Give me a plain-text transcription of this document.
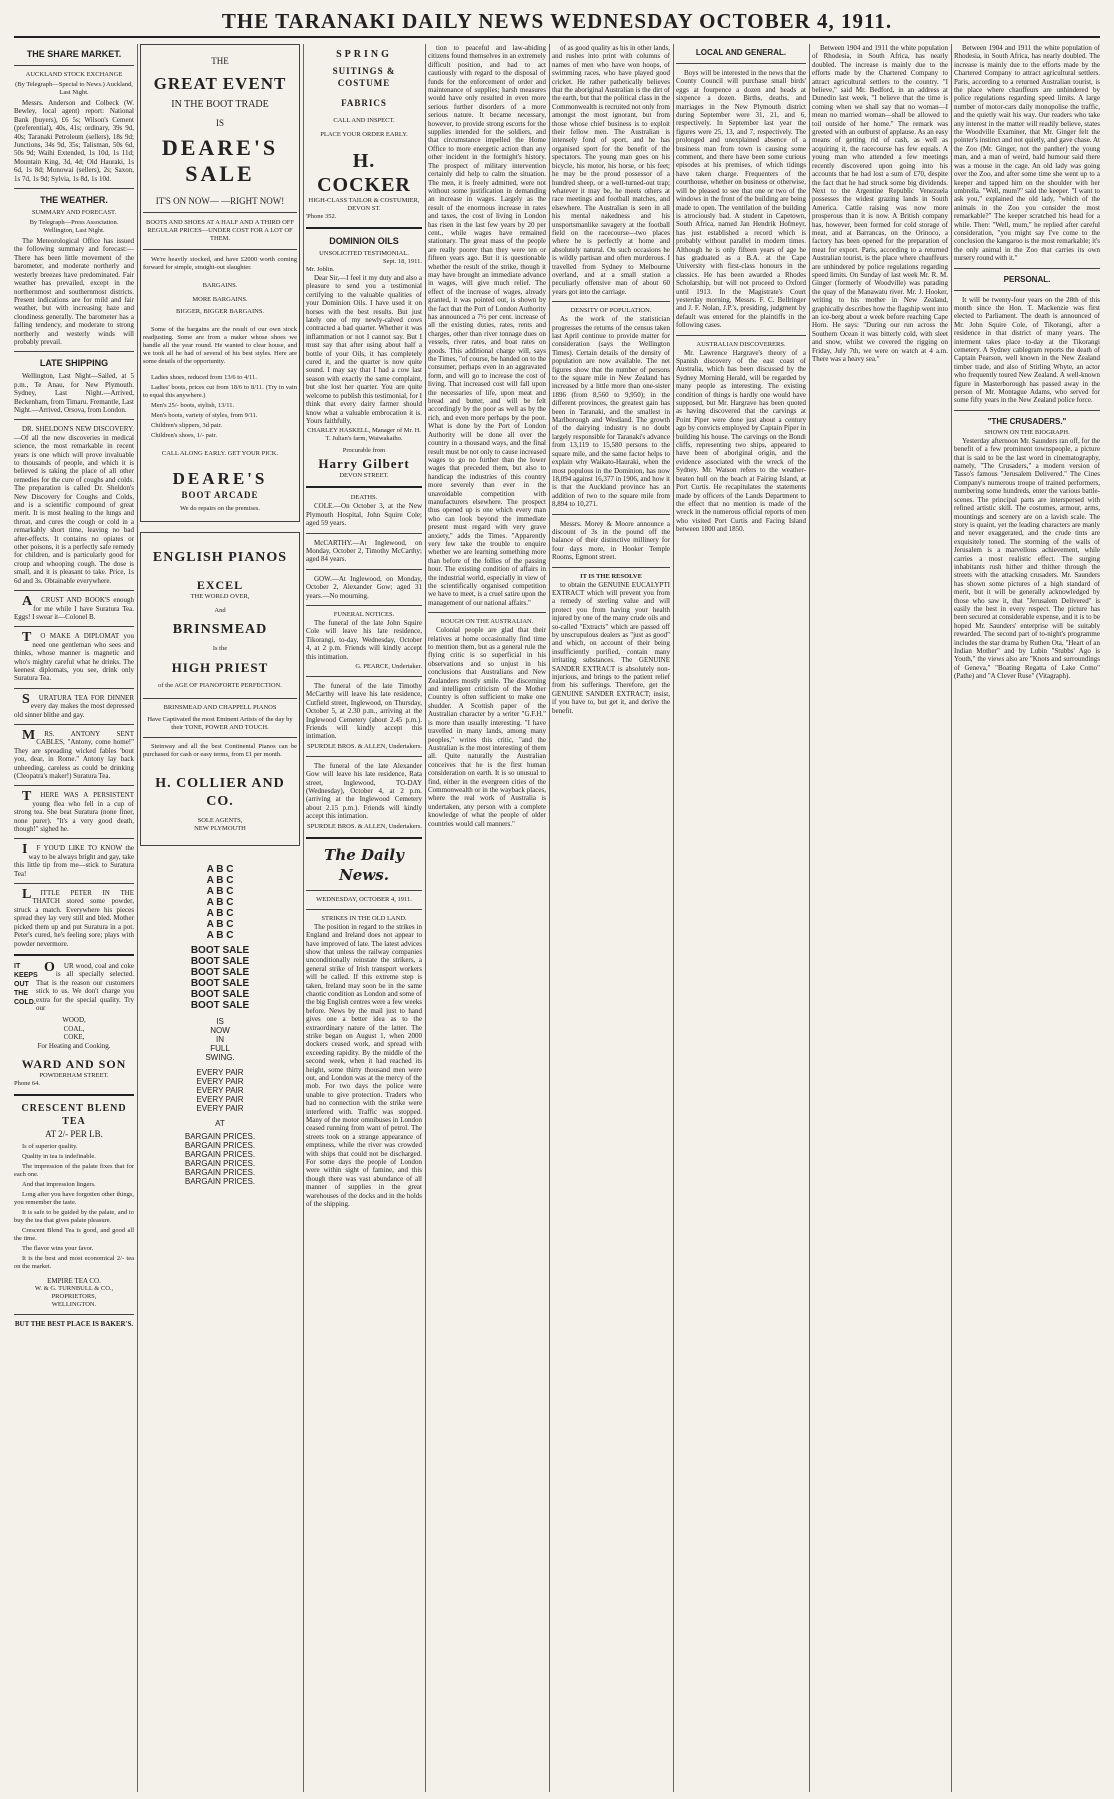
THE TARANAKI DAILY NEWS WEDNESDAY OCTOBER 4, 1911.
THE SHARE MARKET.
AUCKLAND STOCK EXCHANGE
(By Telegraph—Special to News.) Auckland, Last Night.
Messrs. Anderson and Colbeck (W. Bewley, local agent) report: National Bank (buyers), £6 5s; Wilson's Cement (preferential), 40s, 41s; ordinary, 39s 9d, 40s; Taranaki Petroleum (sellers), 18s 9d; Junctions, 34s 9d, 35s; Talisman, 50s 6d, 50s 9d; Waihi Extended, 1s 10d, 1s 11d; Mountain King, 3d, 4d; Old Hauraki, 1s 6d, 1s 8d; Monowai (sellers), 2s; Saxon, 1s 7d, 1s 9d; Sylvia, 1s 8d, 1s 10d.
THE WEATHER.
SUMMARY AND FORECAST.
By Telegraph—Press Association. Wellington, Last Night.
The Meteorological Office has issued the following summary and forecast:—There has been little movement of the barometer, and moderate northerly and westerly breezes have predominated. Fair weather has prevailed, except in the northernmost and southernmost districts. Present indications are for mild and fair weather, but with increasing haze and cloudiness generally. The barometer has a falling tendency, and moderate to strong northerly and westerly winds will probably prevail.
LATE SHIPPING
Wellington, Last Night—Sailed, at 5 p.m., Te Anau, for New Plymouth. Sydney, Last Night.—Arrived, Beckenham, from Timaru. Fremantle, Last Night.—Arrived, Orsova, from London.
DR. SHELDON'S NEW DISCOVERY.—Of all the new discoveries in medical science, the most remarkable in recent years is one which will prove invaluable to thousands of people, and which it is believed is taking the place of all other remedies for the cure of coughs and colds. The preparation is called Dr. Sheldon's New Discovery for Coughs and Colds, and is a scientific compound of great merit. It is most healing to the lungs and throat, and cures the cough or cold in a remarkably short time, leaving no bad after-effects. It contains no opiates or other poisons, it is a perfectly safe remedy for children, and is particularly good for croup and whooping cough. The dose is small, and it is pleasant to take. Price, 1s 6d and 3s. Obtainable everywhere.
ACRUST AND BOOK'S enough for me while I have Suratura Tea. Eggs! I swear it—Colonel B.
TO MAKE A DIPLOMAT you need one gentleman who sees and thinks, whose manner is magnetic and who's mighty careful what he drinks. The keenest diplomats, you see, drink only Suratura Tea.
SURATURA TEA FOR DINNER every day makes the most depressed old sinner blithe and gay.
MRS. ANTONY SENT CABLES, "Antony, come home!" They are spreading wicked fables 'bout you, dear, in Rome." Antony lay back unheeding, careless as could be drinking (Cleopatra's maker!) Suratura Tea.
THERE WAS A PERSISTENT young flea who fell in a cup of strong tea. She beat Suratura (none finer, none purer). "It's a very good death, though!" sighed he.
IF YOU'D LIKE TO KNOW the way to be always bright and gay, take this little tip from me—stick to Suratura Tea!
LITTLE PETER IN THE THATCH stored some powder, struck a match. Everywhere his pieces spread they lay very still and bled. Mother picked them up and put Suratura in a pot. Peter's cured, he's feeling sore; plays with powder nevermore.
IT
KEEPS
OUT
THE
COLD.
OUR wood, coal and coke is all specially selected. That is the reason our customers stick to us. We don't charge you extra for the special quality. Try our
WOOD,
COAL,
COKE,
For Heating and Cooking.
WARD AND SON
POWDERHAM STREET.
Phone 64.
CRESCENT BLEND TEA
AT 2/- PER LB.
Is of superior quality.
Quality in tea is indefinable.
The impression of the palate fixes that for each one.
And that impression lingers.
Long after you have forgotten other things, you remember the taste.
It is safe to be guided by the palate, and to buy the tea that gives palate pleasure.
Crescent Blend Tea is good, and good all the time.
The flavor wins your favor.
It is the best and most economical 2/- tea on the market.
EMPIRE TEA CO.
W. & G. TURNBULL & CO., PROPRIETORS,
WELLINGTON.
BUT THE BEST PLACE IS BAKER'S.
THE
GREAT EVENT
IN THE BOOT TRADE
IS
DEARE'S
SALE
IT'S ON NOW— —RIGHT NOW!
BOOTS AND SHOES AT A HALF AND A THIRD OFF REGULAR PRICES—UNDER COST FOR A LOT OF THEM.
We're heavily stocked, and have £2000 worth coming forward for simple, straight-out slaughter.
BARGAINS.
MORE BARGAINS.
BIGGER, BIGGER BARGAINS.
Some of the bargains are the result of our own stock readjusting. Some are from a maker whose shoes we handle all the year round. He wanted to clear house, and we took all he had of several of his best styles. Here are some details of the opportunity.
Ladies shoes, reduced from 13/6 to 4/11.
Ladies' boots, prices cut from 18/6 to 8/11. (Try in vain to equal this anywhere.)
Men's 25/- boots, stylish, 13/11.
Men's boots, variety of styles, from 9/11.
Children's slippers, 3d pair.
Children's shoes, 1/- pair.
CALL ALONG EARLY. GET YOUR PICK.
DEARE'S
BOOT ARCADE
We do repairs on the premises.
ENGLISH PIANOS
EXCEL
THE WORLD OVER,
And
BRINSMEAD
Is the
HIGH PRIEST
of the AGE OF PIANOFORTE PERFECTION.
BRINSMEAD AND CHAPPELL PIANOS
Have Captivated the most Eminent Artists of the day by their TONE, POWER AND TOUCH.
Steinway and all the best Continental Pianos can be purchased for cash or easy terms, from £1 per month.
H. COLLIER AND CO.
SOLE AGENTS,
NEW PLYMOUTH
A B C
A B C
A B C
A B C
A B C
A B C
A B C
BOOT SALE
BOOT SALE
BOOT SALE
BOOT SALE
BOOT SALE
BOOT SALE
IS
NOW
IN
FULL
SWING.
EVERY PAIR
EVERY PAIR
EVERY PAIR
EVERY PAIR
EVERY PAIR
AT
BARGAIN PRICES.
BARGAIN PRICES.
BARGAIN PRICES.
BARGAIN PRICES.
BARGAIN PRICES.
BARGAIN PRICES.
SPRING
SUITINGS & COSTUME
FABRICS
CALL AND INSPECT.
PLACE YOUR ORDER EARLY.
H. COCKER
HIGH-CLASS TAILOR & COSTUMIER, DEVON ST.
'Phone 352.
DOMINION OILS
UNSOLICITED TESTIMONIAL.
Sept. 18, 1911.
Mr. Joblin.
Dear Sir,—I feel it my duty and also a pleasure to send you a testimonial certifying to the valuable qualities of your Dominion Oils. I have used it on horses with the best results. But just lately one of my newly-calved cows contracted a bad quarter. Whether it was inflammation or not I cannot say. But I must say that after using about half a bottle of your Oils, it has completely cured it, and the quarter is now quite sound. I may say that I had a cow last season with exactly the same complaint, but she lost her quarter. You are quite welcome to publish this testimonial, for I think that every dairy farmer should know what a valuable embrocation it is. Yours faithfully,
CHARLEY HASKELL, Manager of Mr. H. T. Julian's farm, Waiwakaiho.
Procurable from
Harry Gilbert
DEVON STREET.
DEATHS.
COLE.—On October 3, at the New Plymouth Hospital, John Squire Cole; aged 59 years.
McCARTHY.—At Inglewood, on Monday, October 2, Timothy McCarthy; aged 84 years.
GOW.—At Inglewood, on Monday, October 2, Alexander Gow; aged 31 years.—No mourning.
FUNERAL NOTICES.
The funeral of the late John Squire Cole will leave his late residence, Tikorangi, to-day, Wednesday, October 4, at 2 p.m. Friends will kindly accept this intimation.
G. PEARCE, Undertaker.
The funeral of the late Timothy McCarthy will leave his late residence, Cutfield street, Inglewood, on Thursday, October 5, at 2.30 p.m., arriving at the Inglewood Cemetery (about 2.45 p.m.). Friends will kindly accept this intimation.
SPURDLE BROS. & ALLEN, Undertakers.
The funeral of the late Alexander Gow will leave his late residence, Rata street, Inglewood, TO-DAY (Wednesday), October 4, at 2 p.m. (arriving at the Inglewood Cemetery about 2.15 p.m.). Friends will kindly accept this intimation.
SPURDLE BROS. & ALLEN, Undertakers.
The Daily News.
WEDNESDAY, OCTOBER 4, 1911.
STRIKES IN THE OLD LAND.
The position in regard to the strikes in England and Ireland does not appear to have improved of late. The latest advices show that unless the railway companies unconditionally reinstate the strikers, a general strike of Irish transport workers will be called. If this extreme step is taken, Ireland may soon be in the same chaotic condition as London and some of the big English centres were a few weeks before. News by the mail just to hand gives one a better idea as to the extraordinary nature of the latter. The strike began on August 1, when 2000 dockers ceased work, and spread with exceeding rapidity. By the middle of the second week, when it had reached its height, some thirty thousand men were out, and London was at the mercy of the mob. For two days the police were unable to give protection. Traders who had no connection with the strike were interfered with. Traffic was stopped. Many of the motor omnibuses in London ceased running from want of petrol. The streets took on a strange appearance of emptiness, while the river was crowded with ships that could not be discharged. For some days the people of London were within sight of famine, and this though there was vast abundance of all manner of supplies in the great warehouses of the docks and in the holds of the shipping.
tion to peaceful and law-abiding citizens found themselves in an extremely difficult position, and had to act cautiously with regard to the disposal of funds for the enforcement of order and maintenance of supplies; harsh measures would have only resulted in even more serious further disorders of a more serious nature. It became necessary, however, to provide strong escorts for the supplies intended for the soldiers, and that circumstance impelled the Home Office to more energetic action than any other incident in the fortnight's history. The prospect of military intervention certainly did help to calm the situation. The men, it is freely admitted, were not without some justification in demanding an increase in wages. Largely as the result of the enormous increase in rates and taxes, the cost of living in London has risen in the last few years by 20 per cent., while wages have remained stationary. The great mass of the people are really poorer than they were ten or fifteen years ago. But it is questionable whether the result of the strike, though it may have brought an immediate advance in wages, will give much relief. The effect of the increase of wages, already granted, it was pointed out, is shown by the fact that the Port of London Authority has announced a 7½ per cent. increase of all the existing duties, rates, rents and charges, other than river tonnage dues on vessels, river rates, and boat rates on goods. This additional charge will, says the Times, "of course, be handed on to the consumer, perhaps even in an aggravated form, and will go to increase the cost of living. That increased cost will fall upon the necessaries of life, upon meat and bread and butter, and will be felt accordingly by the poor as well as by the rich, and even more perhaps by the poor. What is done by the Port of London Authority will be done all over the country in a thousand ways, and the final result must be not only to cause increased wages to go no further than the lower wages that preceded them, but also to handicap the industries of this country more severely than ever in the unavoidable competition with manufacturers elsewhere. The prospect thus opened up is one which every man who can look beyond the immediate present must regard with very grave anxiety," adds the Times. "Apparently very few take the trouble to enquire whether we are learning something more than before of the follies of the passing hour. The existing condition of affairs in the industrial world, especially in view of the scientifically organised competition we have to meet, is a cruel satire upon the management of our national affairs."
ROUGH ON THE AUSTRALIAN.
Colonial people are glad that their relatives at home occasionally find time to mention them, but as a general rule the flying critic is so superficial in his observations and so unjust in his conclusions that Australians and New Zealanders mostly smile. The discerning and intelligent criticism of the Mother Country is often sufficient to make one shudder. A Scottish paper of the Australian character by a writer "G.F.H." is more than usually interesting. "I have travelled in many lands, among many peoples," writes this critic, "and the Australian is the most interesting of them all. Quite naturally the Australian conceives that he is the first human consideration on earth. It is so unusual to find, either in the evergreen cities of the Commonwealth or in the wayback places, where the real work of Australia is undertaken, any person with a complete knowledge of what the people of older countries would call manners."
of as good quality as his in other lands, and rushes into print with columns of names of men who have won hoops, of swimming races, who have played good cricket. He rather pathetically believes that the aboriginal Australian is the dirt of the earth, but that the political class in the Commonwealth is recruited not only from amongst the most ignorant, but from those whose chief business is to exploit their fellow men. The Australian is intensely fond of sport, and he has organised sport for the benefit of the spectators. The young man goes on his bicycle, his motor, his horse, or his feet; he may be the proud possessor of a hundred sheep, or a well-turned-out trap; whatever it may be, he meets others at race meetings and football matches, and elsewhere. The Australian is seen in all his mental nakedness and his unsportsmanlike savagery at the football field on the racecourse—two places where he is perfectly at home and absolutely natural. On such occasions he is wildly partisan and often murderous. I travelled from Sydney to Melbourne overland, and at a small station a peculiarly offensive man of about 60 years got into the carriage.
DENSITY OF POPULATION.
As the work of the statistician progresses the returns of the census taken last April continue to provide matter for consideration (says the Wellington Times). Certain details of the density of population are now available. The net figures show that the number of persons to the square mile in New Zealand has increased by a little more than one-sister 1896 (from 8,560 to 9,950); in the different provinces, the greatest gain has been in Taranaki, and the smallest in Marlborough and Westland. The growth of the dairying industry is no doubt largely responsible for Taranaki's advance from 13,119 to 15,580 persons to the square mile, and the same factor helps to explain why Waikato-Hauraki, when the most populous in the Dominion, has now 18,094 against 16,377 in 1906, and how it is that the Auckland province has an addition of two to the square mile from 8,894 to 10,271.
Messrs. Morey & Moore announce a discount of 3s in the pound off the balance of their distinctive millinery for four days more, in Hooker Temple Rooms, Egmont street.
IT IS THE RESOLVE
to obtain the GENUINE EUCALYPTI EXTRACT which will prevent you from a remedy of sterling value and will protect you from having your health injured by one of the many crude oils and so-called "Extracts" which are passed off by unscrupulous dealers as "just as good" and which, on account of their being insufficiently purified, contain many irritating substances. The GENUINE SANDER EXTRACT is absolutely non-injurious, and brings to the patient relief from his sufferings. Therefore, get the GENUINE SANDER EXTRACT; insist, if you have to, but get it, and derive the benefit.
LOCAL AND GENERAL.
Boys will be interested in the news that the County Council will purchase small birds' eggs at fourpence a dozen and heads at sixpence a dozen. Births, deaths, and marriages in the New Plymouth district during September were 31, 21, and 6, respectively. In September last year the figures were 25, 13, and 7, respectively. The prolonged and unexplained absence of a business man from town is causing some comment, and there have been some curious episodes at his premises, of which tidings have taken charge. Frequenters of the courthouse, whether on business or otherwise, will be pleased to see that one or two of the windows in the front of the building are being made to open. The ventilation of the building is atrociously bad. A student in Capetown, South Africa, named Jan Hendrik Hofmeyr, has just established a record which is probably without parallel in modern times. Although he is only fifteen years of age he has graduated as a B.A. at the Cape University with first-class honours in the classics. He has been awarded a Rhodes Scholarship, but will not proceed to Oxford until 1913. In the Magistrate's Court yesterday morning, Messrs. F. C. Bellringer and J. F. Nolan, J.P.'s, presiding, judgment by default was entered for the plaintiffs in the following cases.
AUSTRALIAN DISCOVERERS.
Mr. Lawrence Hargrave's theory of a Spanish discovery of the east coast of Australia, which has been discussed by the Sydney Morning Herald, will be regarded by many people as interesting. The existing condition of things is hardly one would have supposed, but Mr. Hargrave has been quoted as having discovered that the carvings at Point Piper were done just about a century ago by convicts employed by Captain Piper in building his house. The carvings on the Bondi cliffs, representing two ships, appeared to have been of aboriginal origin, and the evidence associated with the wreck of the Sydney. Mr. Watson refers to the weather-beaten hull on the beach at Fairing Island, at Port Curtis. He recapitulates the statements made by officers of the Lands Department to the effect that no mention is made of the wreck in the numerous official reports of men who visited Port Curtis and Facing Island between 1800 and 1850.
Between 1904 and 1911 the white population of Rhodesia, in South Africa, has nearly doubled. The increase is mainly due to the efforts made by the Chartered Company to attract agricultural settlers to the country. "I believe," said Mr. Bedford, in an address at Dunedin last week, "I believe that the time is coming when we shall say that no woman—I mean no married woman—shall be allowed to toil outside of her home." The remark was greeted with an outburst of applause. As an easy means of getting rid of cash, as well as acquiring it, the racecourse has few equals. A young man who attended a few meetings recently discovered upon going into his accounts that he had lost a sum of £70, despite the fact that he had struck some big dividends. Next to the Argentine Republic Venezuela possesses the widest grazing lands in South America. Cattle raising was now more prosperous than it is now. A British company has, however, been formed for cold storage of meat, and at Barrancas, on the Orinoco, a factory has been opened for the preparation of meat for export. Paris, according to a returned Australian tourist, is the place where chauffeurs are unhindered by police regulations regarding speed limits. On Sunday of last week Mr. R. M. Ginger (formerly of Woodville) was parading the quay of the Manawatu river. Mr. J. Hooker, writing to his mother in New Zealand, graphically describes how the flagship went into an ice-berg about a week before reaching Cape Horn. He says: "During our run across the Southern Ocean it was bitterly cold, with sleet and snow, whilst we covered the rigging on Friday, July 7th, we were on watch at 4 a.m. There was a heavy sea."
Between 1904 and 1911 the white population of Rhodesia, in South Africa, has nearly doubled. The increase is mainly due to the efforts made by the Chartered Company to attract agricultural settlers. Paris, according to a returned Australian tourist, is the place where chauffeurs are unhindered by police regulations regarding speed limits. A large number of motor-cars daily monopolise the traffic, and the quietly wait his way. Our readers who take any interest in the matter will readily believe, states the Woodville Examiner, that Mr. Ginger felt the pointer's instinct and not quietly, and gave chase. At the Zoo (Mr. Ginger, not the panther) the young man, and a man of weird, bald humour said there was a mouse in the cage. An old lady was going over the Zoo, and after some time she went up to a keeper and tapped him on the shoulder with her umbrella. "Well, mum?" said the keeper. "I want to ask you," explained the old lady, "which of the animals in the Zoo you consider the most remarkable?" The keeper scratched his head for a while. Then: "Well, mum," he replied after careful consideration, "you might say I've come to the conclusion the kangaroo is the most remarkable; it's the only animal in the Zoo that carries its own nursery round with it."
PERSONAL.
It will be twenty-four years on the 28th of this month since the Hon. T. Mackenzie was first elected to Parliament. The death is announced of Mr. John Squire Cole, of Tikorangi, after a residence in that district of many years. The interment takes place to-day at the Tikorangi cemetery. A Sydney cablegram reports the death of Captain Pearson, well known in the New Zealand timber trade, and also of Stirling Whyte, an actor who frequently toured New Zealand. A well-known figure in Masterborough has passed away in the person of Mr. Montague Adams, who served for some fifty years in the New Zealand police force.
"THE CRUSADERS."
SHOWN ON THE BIOGRAPH.
Yesterday afternoon Mr. Saunders ran off, for the benefit of a few prominent townspeople, a picture that is said to be the last word in cinematography, namely, "The Crusaders," a modern version of Tasso's famous "Jerusalem Delivered." The Cines Company's numerous troupe of trained performers, numbering some hundreds, enter the various battle-scenes. The principal parts are interspersed with refined artistic skill. The costumes, armour, arms, mountings and scenery are on a lavish scale. The story is quaint, yet the leading characters are manly and never exaggerated, and the crude tints are exquisitely toned. The storming of the walls of Jerusalem is a marvellous achievement, while carries a most realistic effect. The surging inhabitants rush hither and thither through the streets with the attacking crusaders. Mr. Saunders has shown some pictures of a high standard of merit, but it will be generally acknowledged by those who saw it, that "Jerusalem Delivered" is easily the best in every respect. The picture has been secured at considerable expense, and it is to be hoped Mr. Saunders' enterprise will be suitably rewarded. The second part of to-night's programme includes the star drama by Ruthen Ota, "Heart of an Indian Mother" and by Lubin "Stubbs' Ago is Youth," the views also are "Knots and surroundings of Geneva," "Boating Regatta of Lake Como" (Pathe) and "A Clever Ruse" (Vitagraph).
